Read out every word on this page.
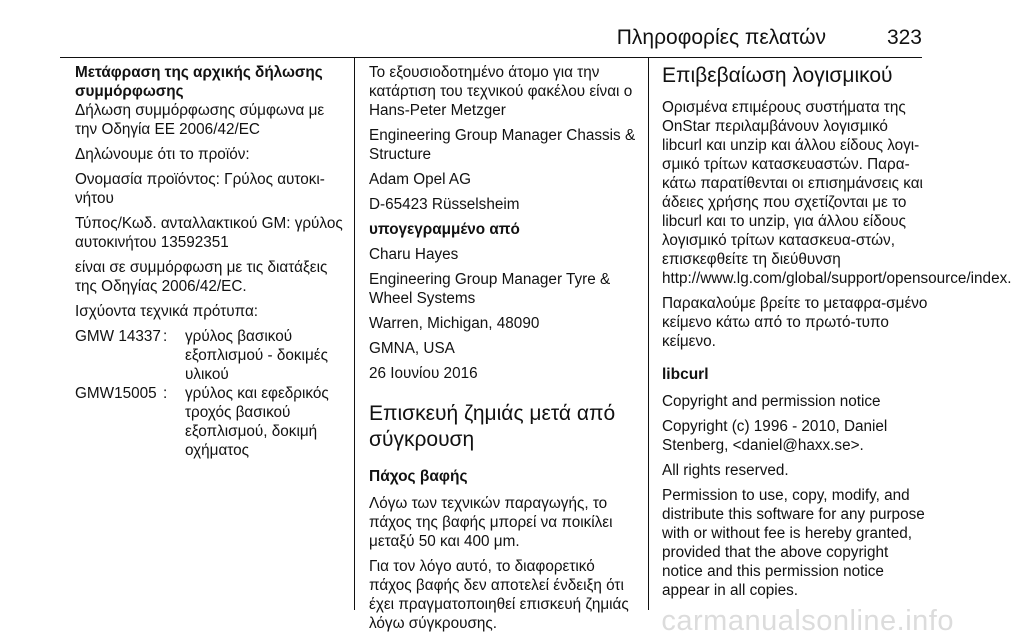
Πληροφορίες πελατών	323

Μετάφραση της αρχικής δήλωσης συμμόρφωσης

Δήλωση συμμόρφωσης σύμφωνα με την Οδηγία ΕΕ 2006/42/EC

Δηλώνουμε ότι το προϊόν:

Ονομασία προϊόντος: Γρύλος αυτοκι-νήτου

Τύπος/Κωδ. ανταλλακτικού GM: γρύλος αυτοκινήτου 13592351

είναι σε συμμόρφωση με τις διατάξεις της Οδηγίας 2006/42/EC.

Ισχύοντα τεχνικά πρότυπα:

GMW 14337 :	γρύλος βασικού εξοπλισμού - δοκιμές υλικού
GMW15005 :	γρύλος και εφεδρικός τροχός βασικού εξοπλισμού, δοκιμή οχήματος

Το εξουσιοδοτημένο άτομο για την κατάρτιση του τεχνικού φακέλου είναι ο Hans-Peter Metzger

Engineering Group Manager Chassis & Structure

Adam Opel AG

D-65423 Rüsselsheim

υπογεγραμμένο από

Charu Hayes

Engineering Group Manager Tyre & Wheel Systems

Warren, Michigan, 48090

GMNA, USA

26 Ιουνίου 2016

Επισκευή ζημιάς μετά από σύγκρουση
Πάχος βαφής

Λόγω των τεχνικών παραγωγής, το πάχος της βαφής μπορεί να ποικίλει μεταξύ 50 και 400 μm.

Για τον λόγο αυτό, το διαφορετικό πάχος βαφής δεν αποτελεί ένδειξη ότι έχει πραγματοποιηθεί επισκευή ζημιάς λόγω σύγκρουσης.

Επιβεβαίωση λογισμικού

Ορισμένα επιμέρους συστήματα της OnStar περιλαμβάνουν λογισμικό libcurl και unzip και άλλου είδους λογι-σμικό τρίτων κατασκευαστών. Παρα-κάτω παρατίθενται οι επισημάνσεις και άδειες χρήσης που σχετίζονται με το libcurl και το unzip, για άλλου είδους λογισμικό τρίτων κατασκευα-στών, επισκεφθείτε τη διεύθυνση http://www.lg.com/global/support/opensource/index.

Παρακαλούμε βρείτε το μεταφρα-σμένο κείμενο κάτω από το πρωτό-τυπο κείμενο.

libcurl

Copyright and permission notice

Copyright (c) 1996 - 2010, Daniel Stenberg, <daniel@haxx.se>.

All rights reserved.

Permission to use, copy, modify, and distribute this software for any purpose with or without fee is hereby granted, provided that the above copyright notice and this permission notice appear in all copies.

carmanualsonline.info
